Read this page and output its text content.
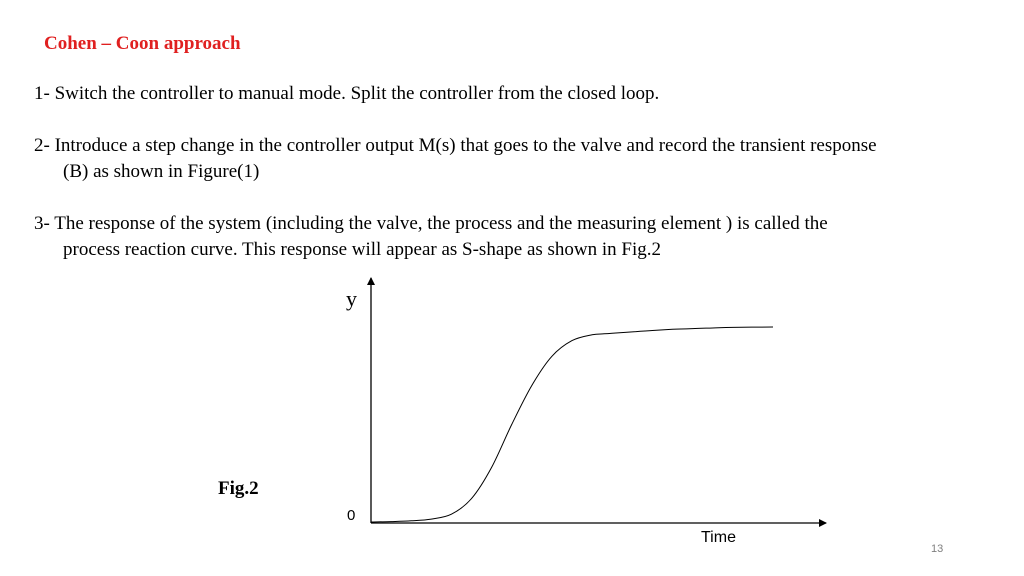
Cohen – Coon approach
1- Switch the controller to manual mode. Split the controller from the closed loop.
2- Introduce a step change in the controller output M(s) that goes to the valve and record the transient response
(B) as shown in Figure(1)
3- The response of the system (including the valve, the process and the measuring element ) is called the
process reaction curve. This response will appear as S-shape as shown in Fig.2
y
0
Time
Fig.2
13
